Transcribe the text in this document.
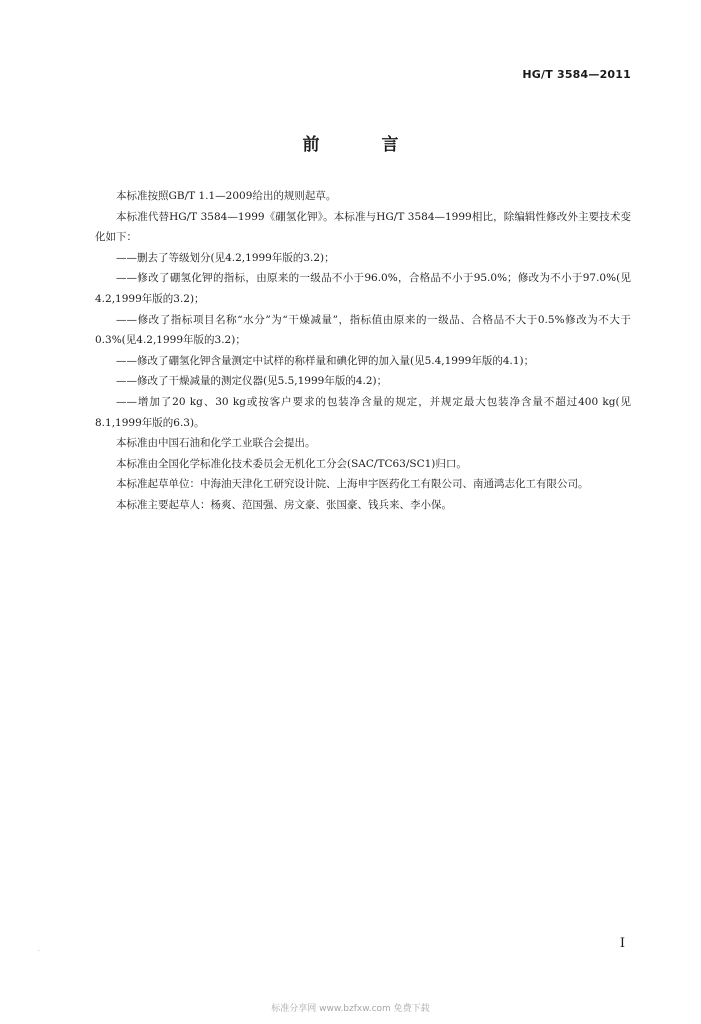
HG/T 3584—2011
前 言

本标准按照GB/T 1.1—2009给出的规则起草。

本标准代替HG/T 3584—1999《硼氢化钾》。本标准与HG/T 3584—1999相比，除编辑性修改外主要技术变化如下：

——删去了等级划分(见4.2,1999年版的3.2)；

——修改了硼氢化钾的指标，由原来的一级品不小于96.0%，合格品不小于95.0%；修改为不小于97.0%(见4.2,1999年版的3.2)；

——修改了指标项目名称“水分”为“干燥减量”，指标值由原来的一级品、合格品不大于0.5%修改为不大于0.3%(见4.2,1999年版的3.2)；

——修改了硼氢化钾含量测定中试样的称样量和碘化钾的加入量(见5.4,1999年版的4.1)；

——修改了干燥减量的测定仪器(见5.5,1999年版的4.2)；

——增加了20 kg、30 kg或按客户要求的包装净含量的规定，并规定最大包装净含量不超过400 kg(见8.1,1999年版的6.3)。

本标准由中国石油和化学工业联合会提出。

本标准由全国化学标准化技术委员会无机化工分会(SAC/TC63/SC1)归口。

本标准起草单位：中海油天津化工研究设计院、上海申宇医药化工有限公司、南通鸿志化工有限公司。

本标准主要起草人：杨爽、范国强、房文豪、张国豪、钱兵来、李小保。

·
I
标准分享网 www.bzfxw.com 免费下载
